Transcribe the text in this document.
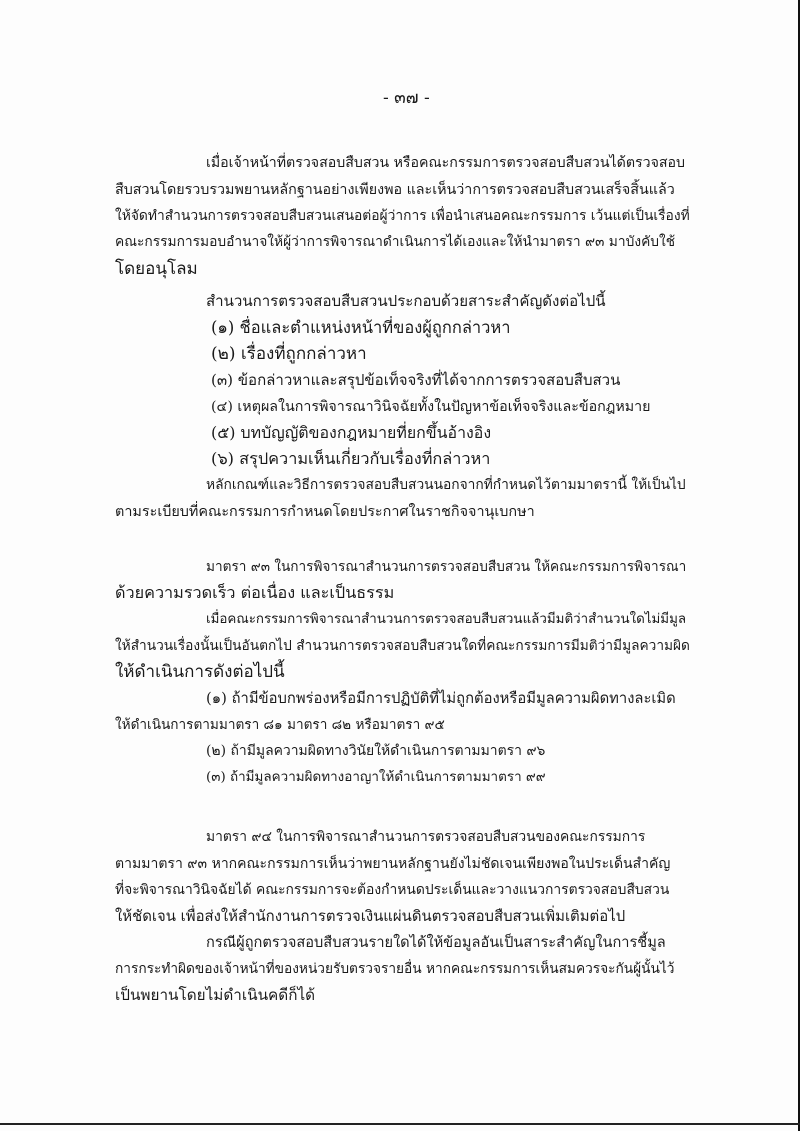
- ๓๗ -
เมื่อเจ้าหน้าที่ตรวจสอบสืบสวน หรือคณะกรรมการตรวจสอบสืบสวนได้ตรวจสอบ
สืบสวนโดยรวบรวมพยานหลักฐานอย่างเพียงพอ และเห็นว่าการตรวจสอบสืบสวนเสร็จสิ้นแล้ว
ให้จัดทำสำนวนการตรวจสอบสืบสวนเสนอต่อผู้ว่าการ เพื่อนำเสนอคณะกรรมการ เว้นแต่เป็นเรื่องที่
คณะกรรมการมอบอำนาจให้ผู้ว่าการพิจารณาดำเนินการได้เองและให้นำมาตรา ๙๓ มาบังคับใช้
โดยอนุโลม
สำนวนการตรวจสอบสืบสวนประกอบด้วยสาระสำคัญดังต่อไปนี้
(๑) ชื่อและตำแหน่งหน้าที่ของผู้ถูกกล่าวหา
(๒) เรื่องที่ถูกกล่าวหา
(๓) ข้อกล่าวหาและสรุปข้อเท็จจริงที่ได้จากการตรวจสอบสืบสวน
(๔) เหตุผลในการพิจารณาวินิจฉัยทั้งในปัญหาข้อเท็จจริงและข้อกฎหมาย
(๕) บทบัญญัติของกฎหมายที่ยกขึ้นอ้างอิง
(๖) สรุปความเห็นเกี่ยวกับเรื่องที่กล่าวหา
หลักเกณฑ์และวิธีการตรวจสอบสืบสวนนอกจากที่กำหนดไว้ตามมาตรานี้ ให้เป็นไป
ตามระเบียบที่คณะกรรมการกำหนดโดยประกาศในราชกิจจานุเบกษา
มาตรา ๙๓ ในการพิจารณาสำนวนการตรวจสอบสืบสวน ให้คณะกรรมการพิจารณา
ด้วยความรวดเร็ว ต่อเนื่อง และเป็นธรรม
เมื่อคณะกรรมการพิจารณาสำนวนการตรวจสอบสืบสวนแล้วมีมติว่าสำนวนใดไม่มีมูล
ให้สำนวนเรื่องนั้นเป็นอันตกไป สำนวนการตรวจสอบสืบสวนใดที่คณะกรรมการมีมติว่ามีมูลความผิด
ให้ดำเนินการดังต่อไปนี้
(๑) ถ้ามีข้อบกพร่องหรือมีการปฏิบัติที่ไม่ถูกต้องหรือมีมูลความผิดทางละเมิด
ให้ดำเนินการตามมาตรา ๘๑ มาตรา ๘๒ หรือมาตรา ๙๕
(๒) ถ้ามีมูลความผิดทางวินัยให้ดำเนินการตามมาตรา ๙๖
(๓) ถ้ามีมูลความผิดทางอาญาให้ดำเนินการตามมาตรา ๙๙
มาตรา ๙๔ ในการพิจารณาสำนวนการตรวจสอบสืบสวนของคณะกรรมการ
ตามมาตรา ๙๓ หากคณะกรรมการเห็นว่าพยานหลักฐานยังไม่ชัดเจนเพียงพอในประเด็นสำคัญ
ที่จะพิจารณาวินิจฉัยได้ คณะกรรมการจะต้องกำหนดประเด็นและวางแนวการตรวจสอบสืบสวน
ให้ชัดเจน เพื่อส่งให้สำนักงานการตรวจเงินแผ่นดินตรวจสอบสืบสวนเพิ่มเติมต่อไป
กรณีผู้ถูกตรวจสอบสืบสวนรายใดได้ให้ข้อมูลอันเป็นสาระสำคัญในการชี้มูล
การกระทำผิดของเจ้าหน้าที่ของหน่วยรับตรวจรายอื่น หากคณะกรรมการเห็นสมควรจะกันผู้นั้นไว้
เป็นพยานโดยไม่ดำเนินคดีก็ได้
